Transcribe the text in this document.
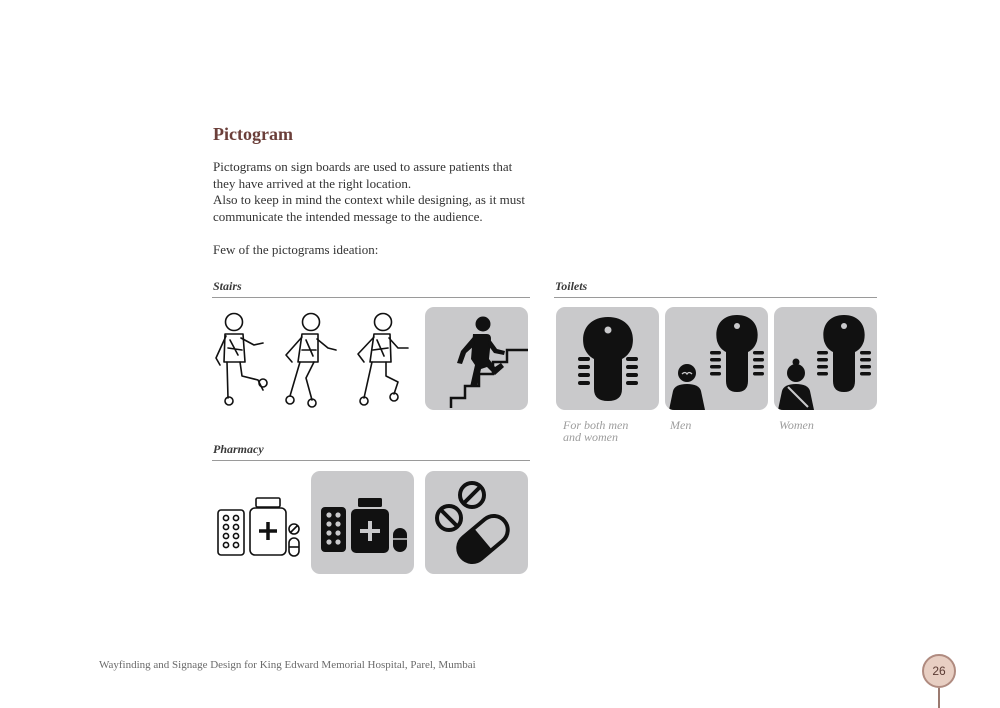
Pictogram

Pictograms on sign boards are used to assure patients that

they have arrived at the right location.

Also to keep in mind the context while designing, as it must

communicate the intended message to the audience.

Few of the pictograms ideation:

Stairs	Toilets
For both men
and women
Men	Women
Pharmacy
Wayfinding and Signage Design for King Edward Memorial Hospital, Parel, Mumbai	26
